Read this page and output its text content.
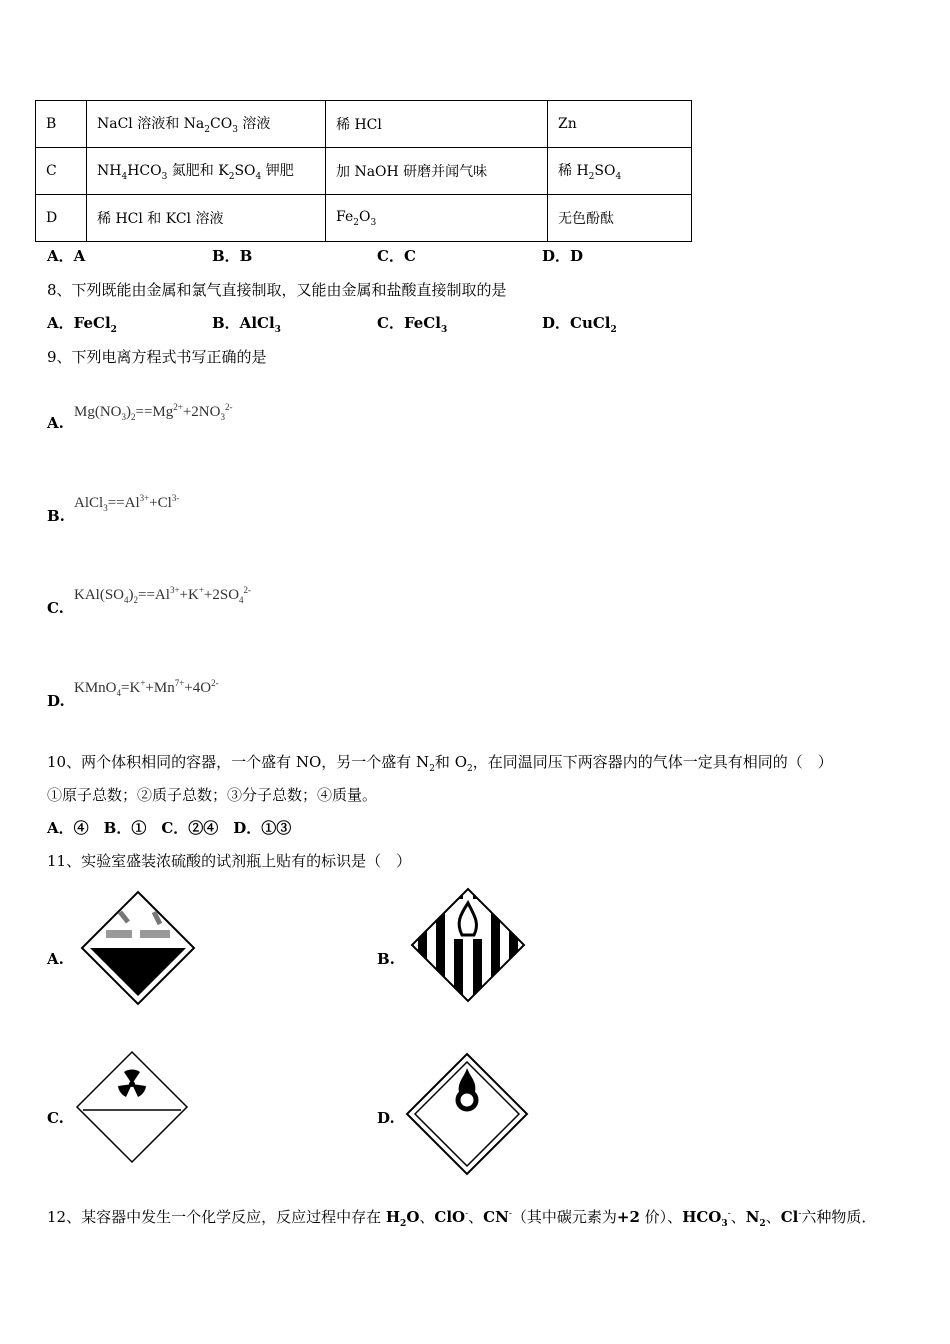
B	NaCl 溶液和 $Na_2CO_3$ 溶液	稀 HCl	Zn
C	$NH_4HCO_3$ 氮肥和 $K_2SO_4$ 钾肥	加 NaOH 研磨并闻气味	稀 $H_2SO_4$
D	稀 HCl 和 KCl 溶液	$Fe_2O_3$	无色酚酞
A．A	B．B	C．C	D．D
8、下列既能由金属和氯气直接制取，又能由金属和盐酸直接制取的是
A．FeCl$_2$	B．AlCl$_3$	C．FeCl$_3$	D．CuCl$_2$
9、下列电离方程式书写正确的是
$Mg(NO_3)_2==Mg^{2+}+2NO_3^{2-}$
A.
$AlCl_3==Al^{3+}+Cl^{3-}$
B.
$KAl(SO_4)_2==Al^{3+}+K^++2SO_4^{2-}$
C.
$KMnO_4=K^++Mn^{7+}+4O^{2-}$
D.
10、两个体积相同的容器，一个盛有 NO，另一个盛有 $N_2$和 $O_2$，在同温同压下两容器内的气体一定具有相同的（　）
①原子总数；②质子总数；③分子总数；④质量。
A．④　B．①　C．②④　D．①③
11、实验室盛装浓硫酸的试剂瓶上贴有的标识是（　）
A.	B.
C.	D.
12、某容器中发生一个化学反应，反应过程中存在 $H_2O$、ClO-、CN-（其中碳元素为+2 价）、$HCO_3^-$、$N_2$、Cl-六种物质．
